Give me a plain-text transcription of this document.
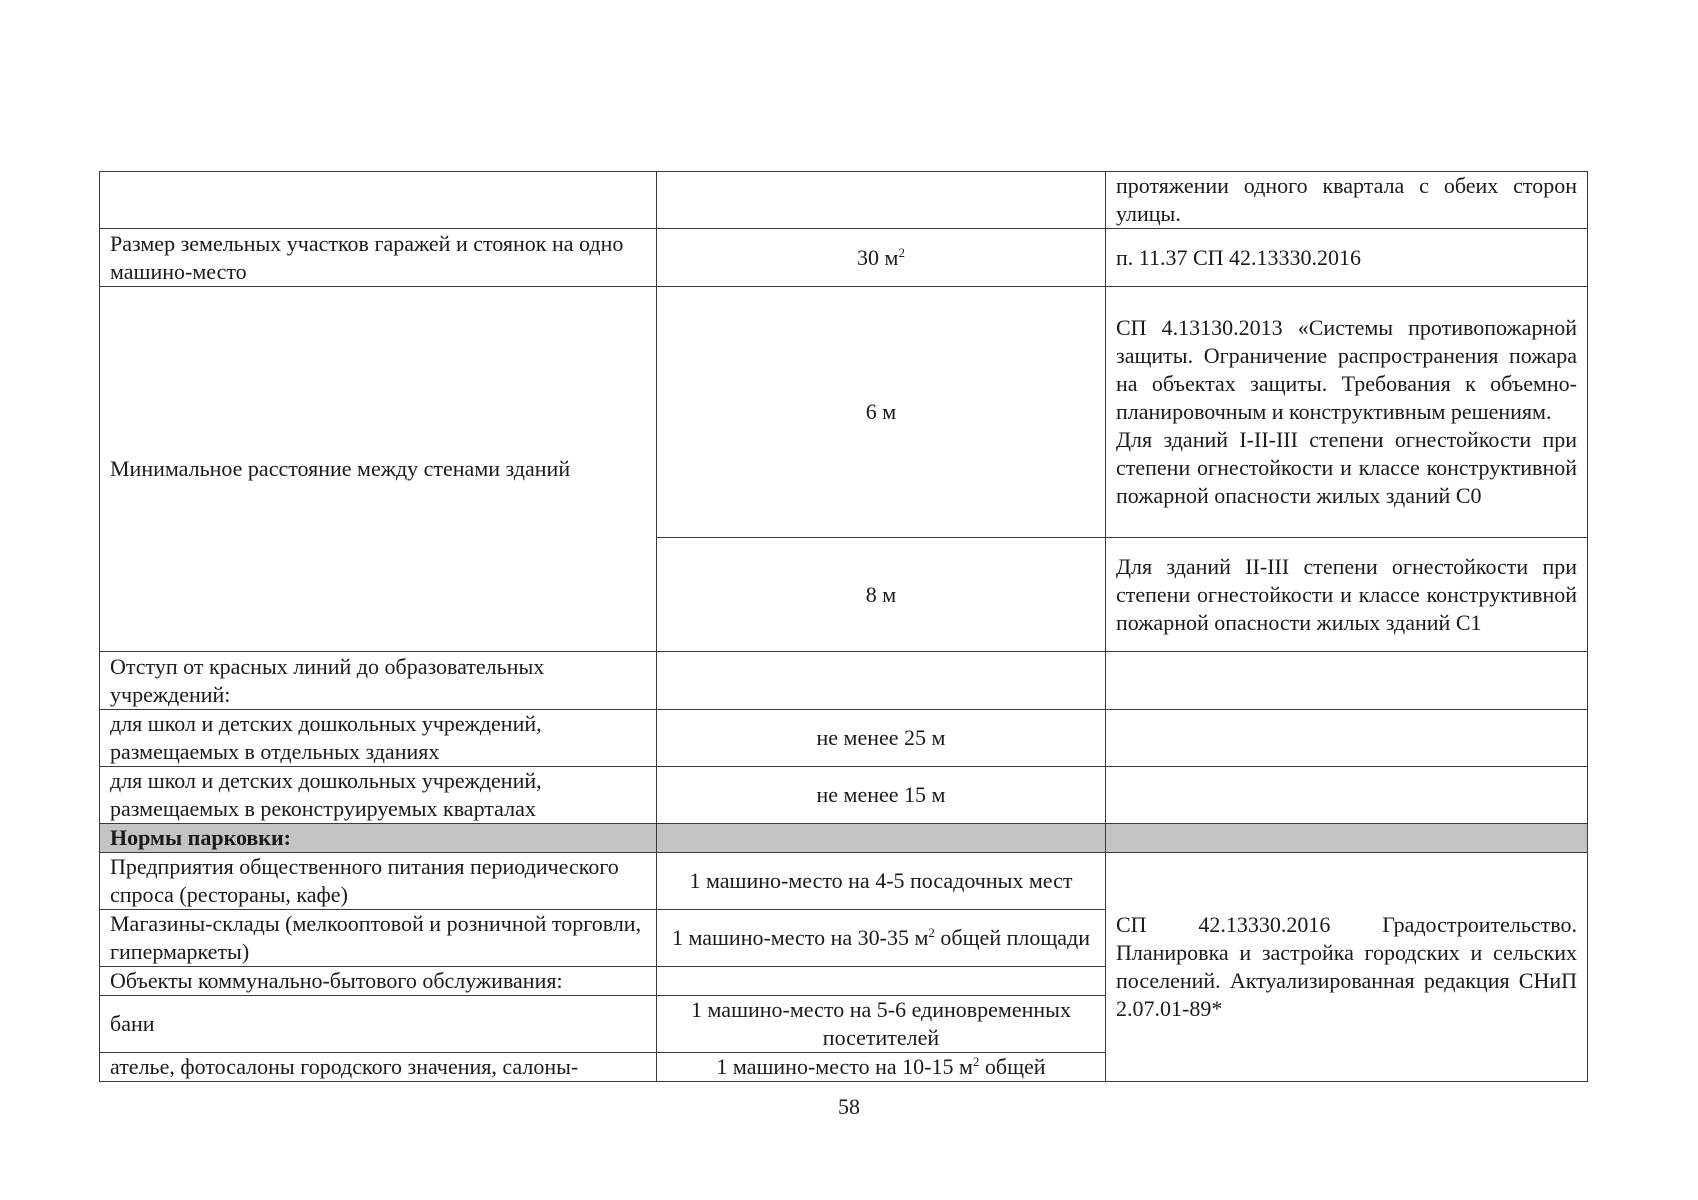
		протяжении одного квартала с обеих сторон улицы.
Размер земельных участков гаражей и стоянок на одно машино-место	30 $м^2$	п. 11.37 СП 42.13330.2016
Минимальное расстояние между стенами зданий	6 м	СП 4.13130.2013 «Системы противопожарной защиты. Ограничение распространения пожара на объектах защиты. Требования к объемно-планировочным и конструктивным решениям.
Для зданий I-II-III степени огнестойкости при степени огнестойкости и классе конструктивной пожарной опасности жилых зданий С0

	8 м	Для зданий II-III степени огнестойкости при степени огнестойкости и классе конструктивной пожарной опасности жилых зданий С1
Отступ от красных линий до образовательных учреждений:		
для школ и детских дошкольных учреждений, размещаемых в отдельных зданиях	не менее 25 м	
для школ и детских дошкольных учреждений, размещаемых в реконструируемых кварталах	не менее 15 м	
Нормы парковки:		
Предприятия общественного питания периодического спроса (рестораны, кафе)	1 машино-место на 4-5 посадочных мест	СП 42.13330.2016 Градостроительство. Планировка и застройка городских и сельских поселений. Актуализированная редакция СНиП 2.07.01-89*
Магазины-склады (мелкооптовой и розничной торговли, гипермаркеты)	1 машино-место на 30-35 $м^2$ общей площади	
Объекты коммунально-бытового обслуживания:		
бани	1 машино-место на 5-6 единовременных посетителей	
ателье, фотосалоны городского значения, салоны-	1 машино-место на 10-15 $м^2$ общей	
58
